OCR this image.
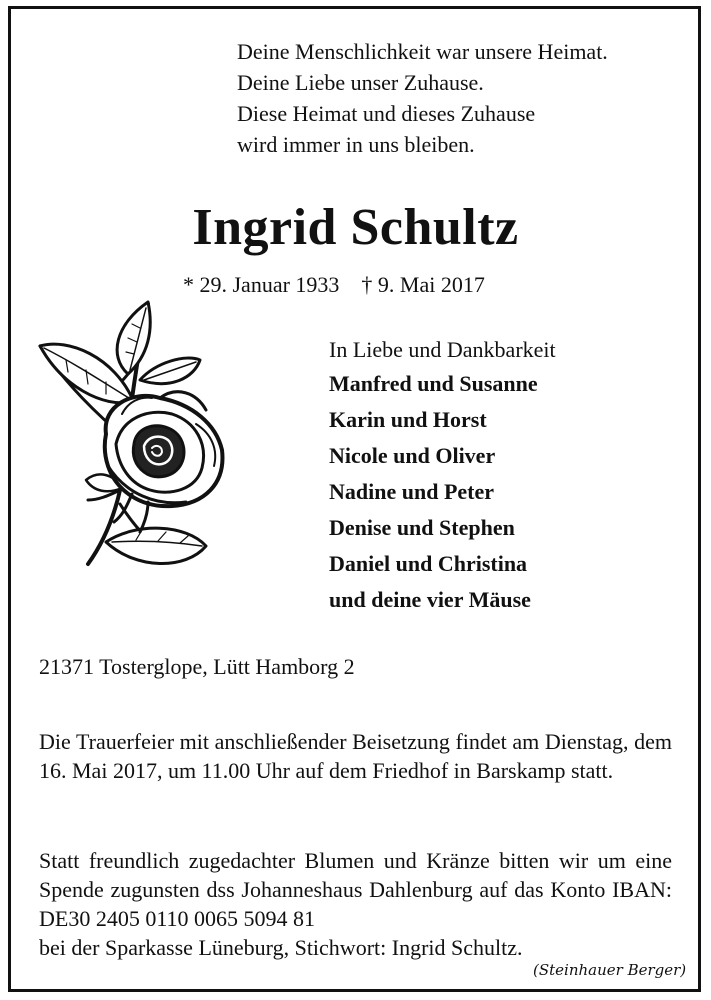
Deine Menschlichkeit war unsere Heimat.
Deine Liebe unser Zuhause.
Diese Heimat und dieses Zuhause
wird immer in uns bleiben.
Ingrid Schultz
* 29. Januar 1933 † 9. Mai 2017
In Liebe und Dankbarkeit
Manfred und Susanne
Karin und Horst
Nicole und Oliver
Nadine und Peter
Denise und Stephen
Daniel und Christina
und deine vier Mäuse
21371 Tosterglope, Lütt Hamborg 2
Die Trauerfeier mit anschließender Beisetzung findet am Dienstag, dem 16. Mai 2017, um 11.00 Uhr auf dem Friedhof in Barskamp statt.
Statt freundlich zugedachter Blumen und Kränze bitten wir um eine Spende zugunsten dss Johanneshaus Dahlenburg auf das Konto IBAN: DE30 2405 0110 0065 5094 81
bei der Sparkasse Lüneburg, Stichwort: Ingrid Schultz.
(Steinhauer Berger)
